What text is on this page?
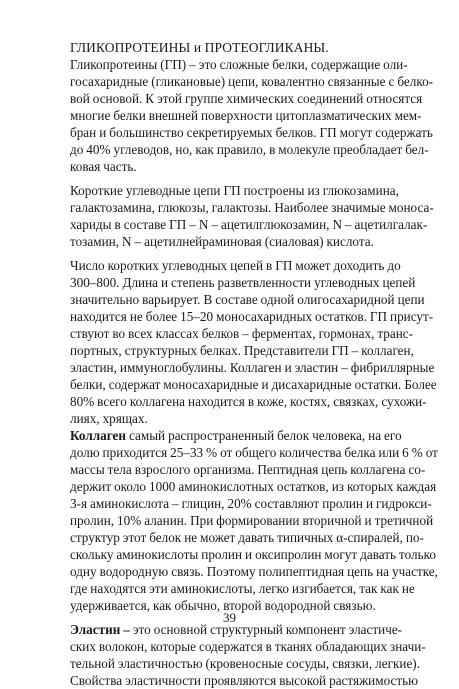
ГЛИКОПРОТЕИНЫ и ПРОТЕОГЛИКАНЫ.

Гликопротеины (ГП) – это сложные белки, содержащие оли-
госахаридные (гликановые) цепи, ковалентно связанные с белко-
вой основой. К этой группе химических соединений относятся
многие белки внешней поверхности цитоплазматических мем-
бран и большинство секретируемых белков. ГП могут содержать
до 40% углеводов, но, как правило, в молекуле преобладает бел-
ковая часть.

Короткие углеводные цепи ГП построены из глюкозамина,
галактозамина, глюкозы, галактозы. Наиболее значимые моноса-
хариды в составе ГП – N – ацетилглюкозамин, N – ацетилгалак-
тозамин, N – ацетилнейраминовая (сиаловая) кислота.

Число коротких углеводных цепей в ГП может доходить до
300–800. Длина и степень разветвленности углеводных цепей
значительно варьирует. В составе одной олигосахаридной цепи
находится не более 15–20 моносахаридных остатков. ГП присут-
ствуют во всех классах белков – ферментах, гормонах, транс-
портных, структурных белках. Представители ГП – коллаген,
эластин, иммуноглобулины. Коллаген и эластин – фибриллярные
белки, содержат моносахаридные и дисахаридные остатки. Более
80% всего коллагена находится в коже, костях, связках, сухожи-
лиях, хрящах.

Коллаген самый распространенный белок человека, на его
долю приходится 25–33 % от общего количества белка или 6 % от
массы тела взрослого организма. Пептидная цепь коллагена со-
держит около 1000 аминокислотных остатков, из которых каждая
3-я аминокислота – глицин, 20% составляют пролин и гидрокси-
пролин, 10% аланин. При формировании вторичной и третичной
структур этот белок не может давать типичных α-спиралей, по-
скольку аминокислоты пролин и оксипролин могут давать только
одну водородную связь. Поэтому полипептидная цепь на участке,
где находятся эти аминокислоты, легко изгибается, так как не
удерживается, как обычно, второй водородной связью.

Эластин – это основной структурный компонент эластиче-
ских волокон, которые содержатся в тканях обладающих значи-
тельной эластичностью (кровеносные сосуды, связки, легкие).
Свойства эластичности проявляются высокой растяжимостью

39
